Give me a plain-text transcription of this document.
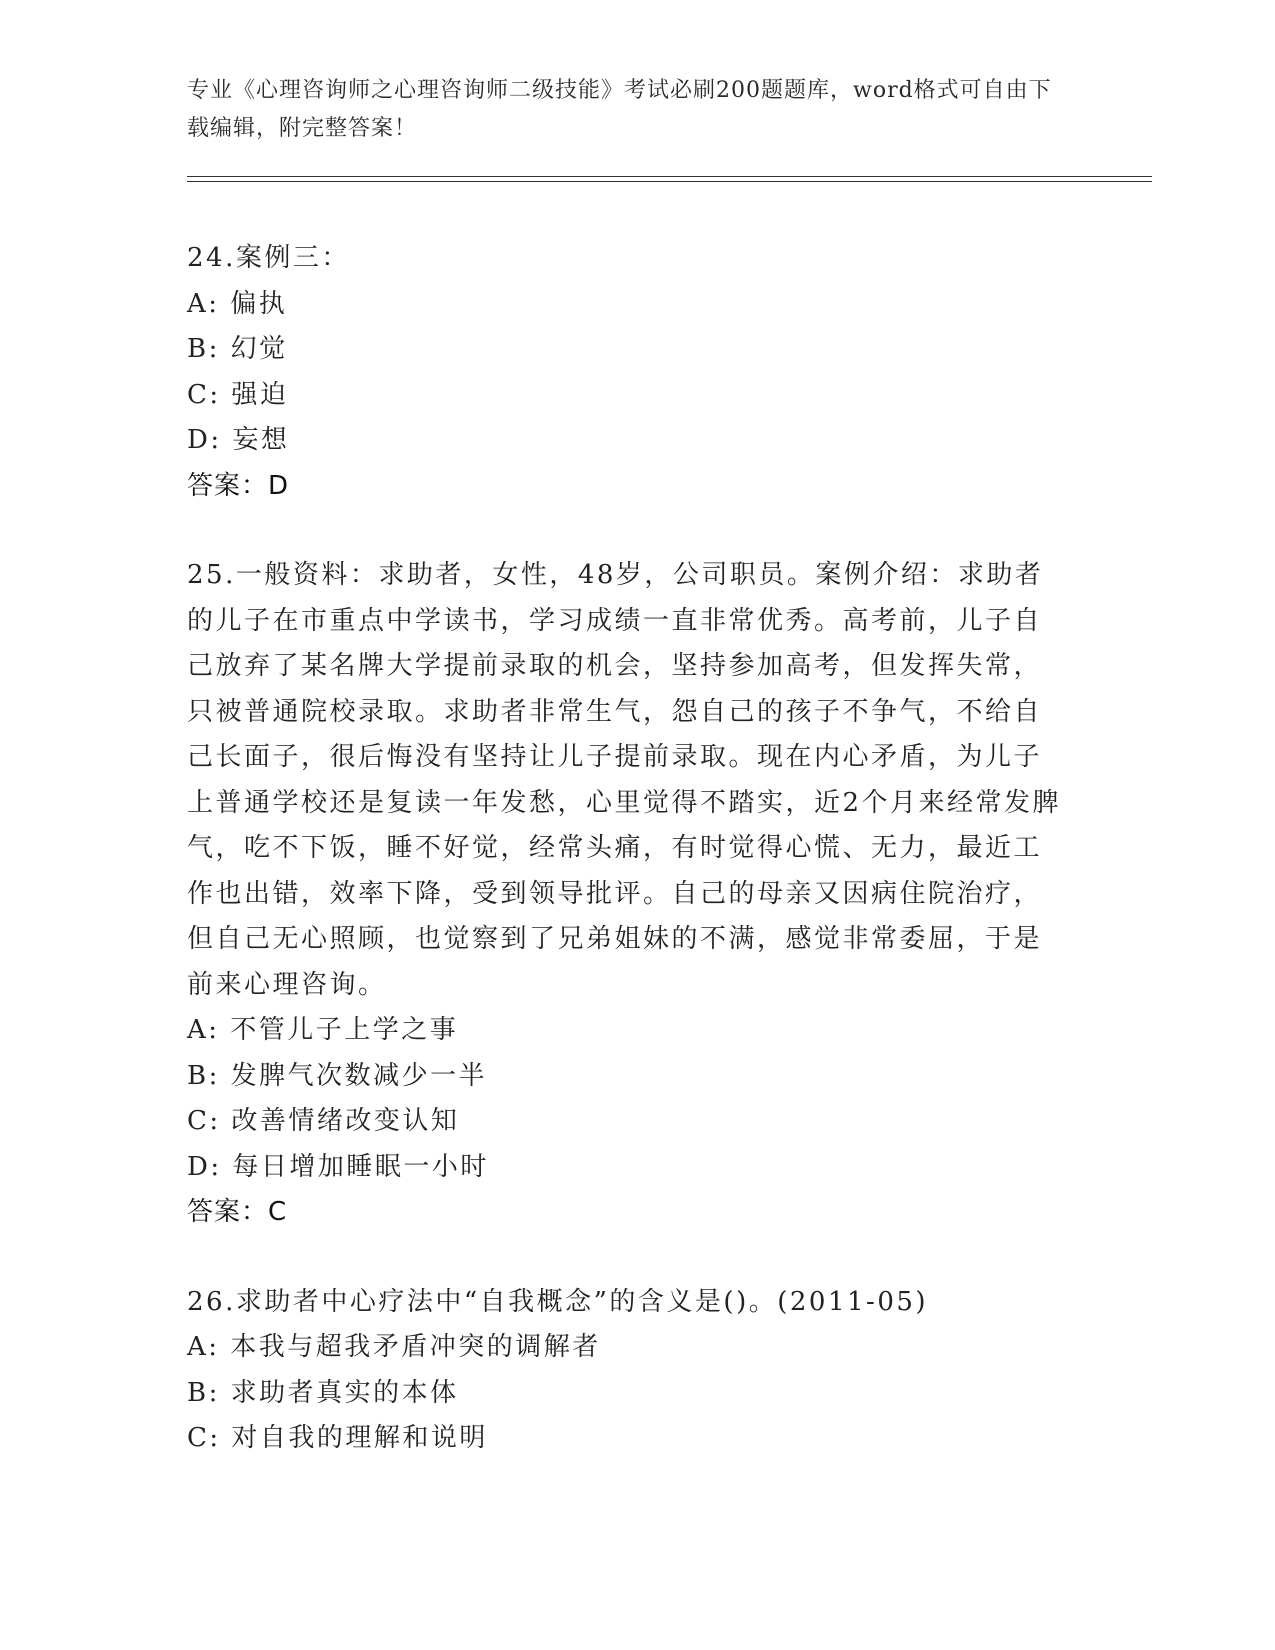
专业《心理咨询师之心理咨询师二级技能》考试必刷200题题库，word格式可自由下载编辑，附完整答案！

24.案例三：

A: 偏执

B: 幻觉

C: 强迫

D: 妄想

答案：D

25.一般资料：求助者，女性，48岁，公司职员。案例介绍：求助者的儿子在市重点中学读书，学习成绩一直非常优秀。高考前，儿子自己放弃了某名牌大学提前录取的机会，坚持参加高考，但发挥失常，只被普通院校录取。求助者非常生气，怨自己的孩子不争气，不给自己长面子，很后悔没有坚持让儿子提前录取。现在内心矛盾，为儿子上普通学校还是复读一年发愁，心里觉得不踏实，近2个月来经常发脾气，吃不下饭，睡不好觉，经常头痛，有时觉得心慌、无力，最近工作也出错，效率下降，受到领导批评。自己的母亲又因病住院治疗，但自己无心照顾，也觉察到了兄弟姐妹的不满，感觉非常委屈，于是前来心理咨询。

A: 不管儿子上学之事

B: 发脾气次数减少一半

C: 改善情绪改变认知

D: 每日增加睡眠一小时

答案：C

26.求助者中心疗法中“自我概念”的含义是()。(2011-05)

A: 本我与超我矛盾冲突的调解者

B: 求助者真实的本体

C: 对自我的理解和说明
